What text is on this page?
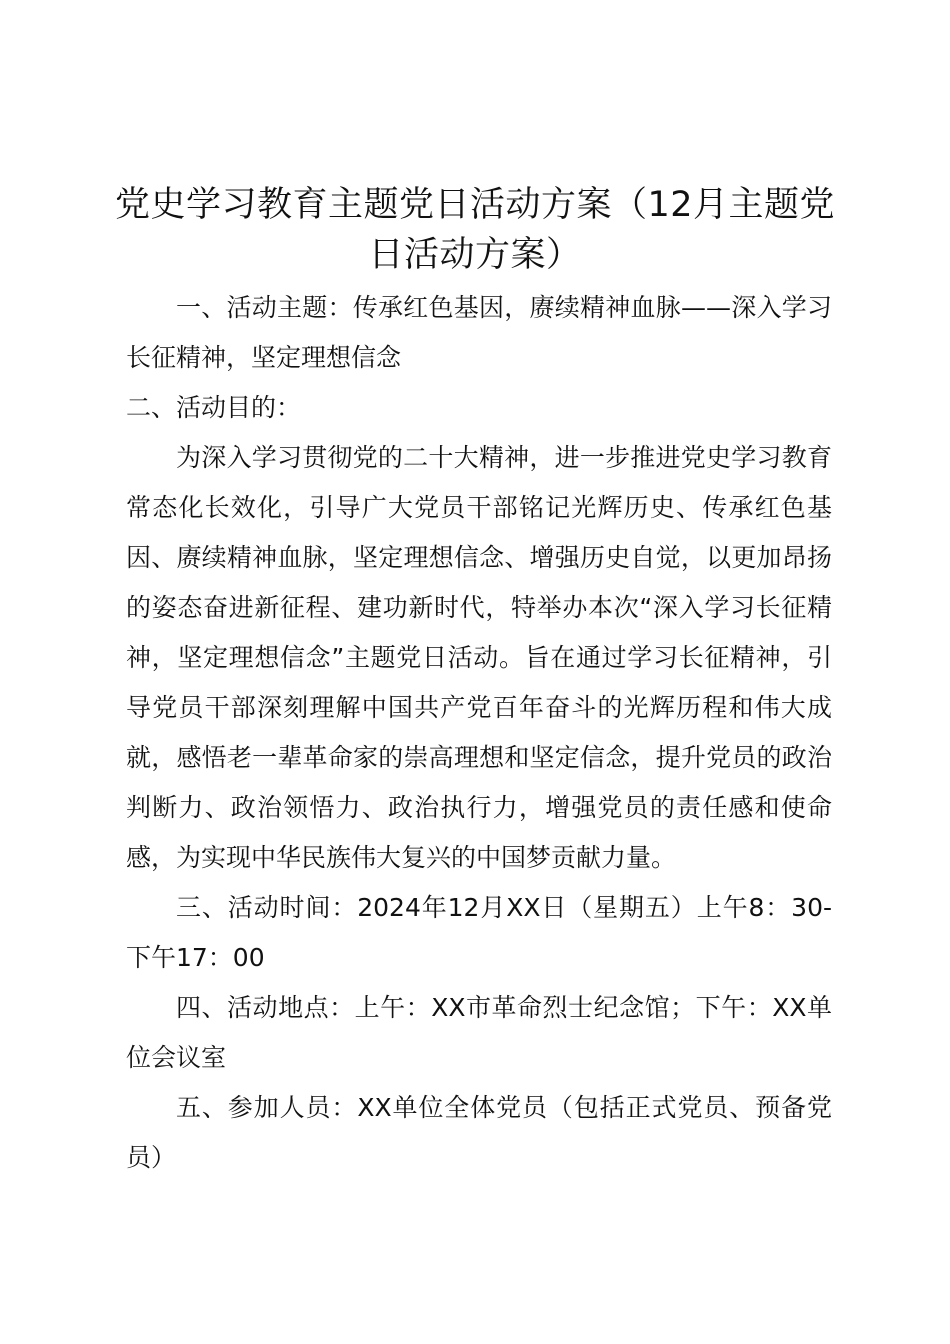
党史学习教育主题党日活动方案（12月主题党日活动方案）

一、活动主题：传承红色基因，赓续精神血脉——深入学习长征精神，坚定理想信念

二、活动目的：

为深入学习贯彻党的二十大精神，进一步推进党史学习教育常态化长效化，引导广大党员干部铭记光辉历史、传承红色基因、赓续精神血脉，坚定理想信念、增强历史自觉，以更加昂扬的姿态奋进新征程、建功新时代，特举办本次“深入学习长征精神，坚定理想信念”主题党日活动。旨在通过学习长征精神，引导党员干部深刻理解中国共产党百年奋斗的光辉历程和伟大成就，感悟老一辈革命家的崇高理想和坚定信念，提升党员的政治判断力、政治领悟力、政治执行力，增强党员的责任感和使命感，为实现中华民族伟大复兴的中国梦贡献力量。

三、活动时间：2024年12月XX日（星期五）上午8：30-下午17：00

四、活动地点：上午：XX市革命烈士纪念馆；下午：XX单位会议室

五、参加人员：XX单位全体党员（包括正式党员、预备党员）
